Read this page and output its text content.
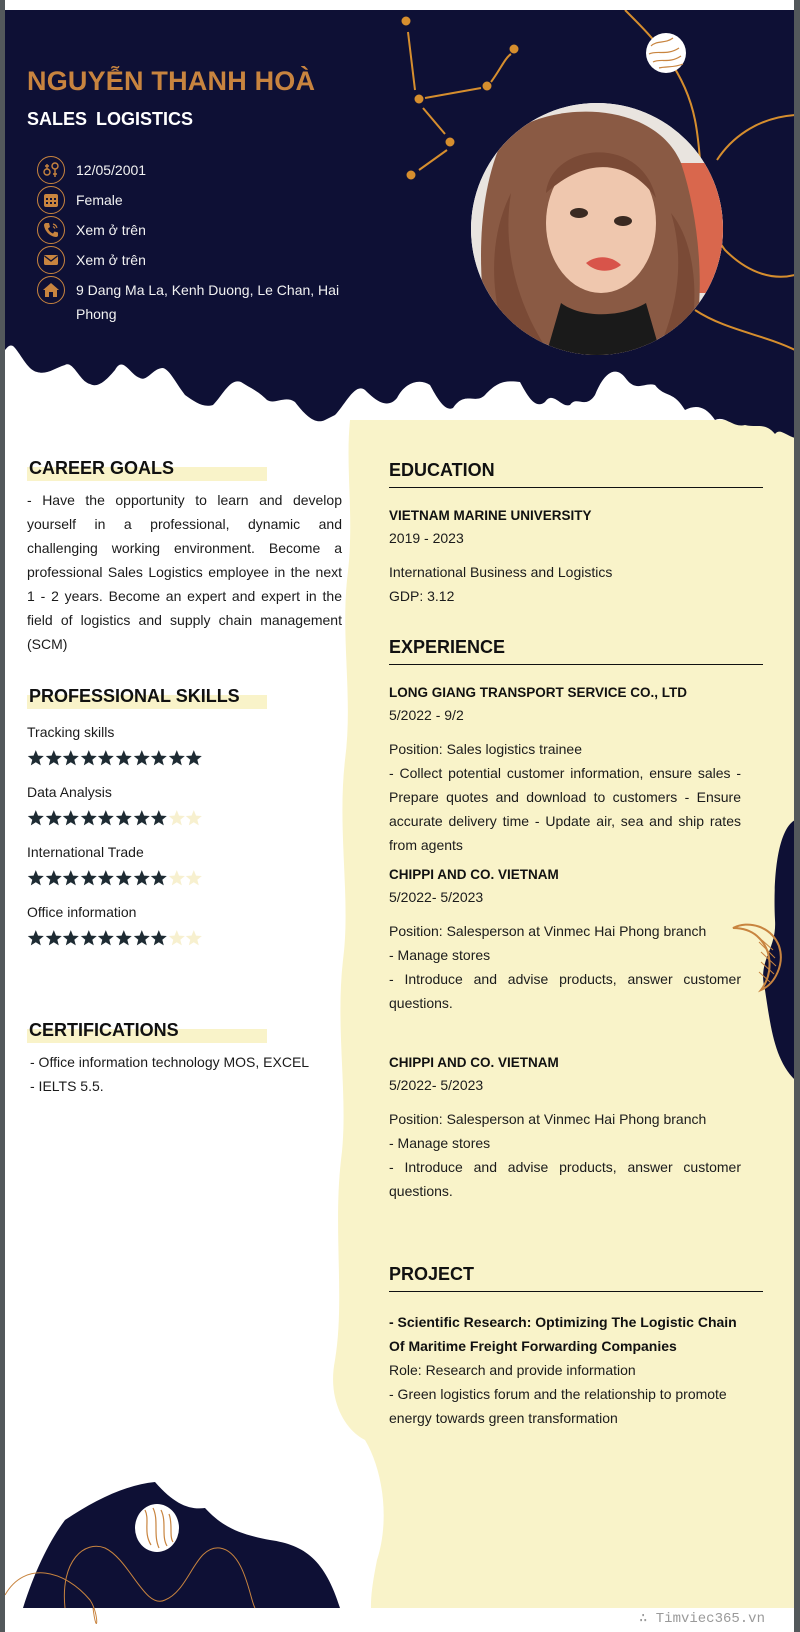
NGUYỄN THANH HOÀ
SALES LOGISTICS
12/05/2001
Female
Xem ở trên
Xem ở trên
9 Dang Ma La, Kenh Duong, Le Chan, Hai Phong
CAREER GOALS
- Have the opportunity to learn and develop yourself in a professional, dynamic and challenging working environment. Become a professional Sales Logistics employee in the next 1 - 2 years. Become an expert and expert in the field of logistics and supply chain management (SCM)
PROFESSIONAL SKILLS
Tracking skills
Data Analysis
International Trade
Office information
CERTIFICATIONS
- Office information technology MOS, EXCEL
- IELTS 5.5.
EDUCATION
VIETNAM MARINE UNIVERSITY
2019 - 2023
International Business and Logistics
GDP: 3.12
EXPERIENCE
LONG GIANG TRANSPORT SERVICE CO., LTD
5/2022 - 9/2
Position: Sales logistics trainee
- Collect potential customer information, ensure sales - Prepare quotes and download to customers - Ensure accurate delivery time - Update air, sea and ship rates from agents
CHIPPI AND CO. VIETNAM
5/2022- 5/2023
Position: Salesperson at Vinmec Hai Phong branch
- Manage stores
- Introduce and advise products, answer customer questions.
CHIPPI AND CO. VIETNAM
5/2022- 5/2023
Position: Salesperson at Vinmec Hai Phong branch
- Manage stores
- Introduce and advise products, answer customer questions.
PROJECT
- Scientific Research: Optimizing The Logistic Chain Of Maritime Freight Forwarding Companies
Role: Research and provide information
- Green logistics forum and the relationship to promote energy towards green transformation
∴ Timviec365.vn
